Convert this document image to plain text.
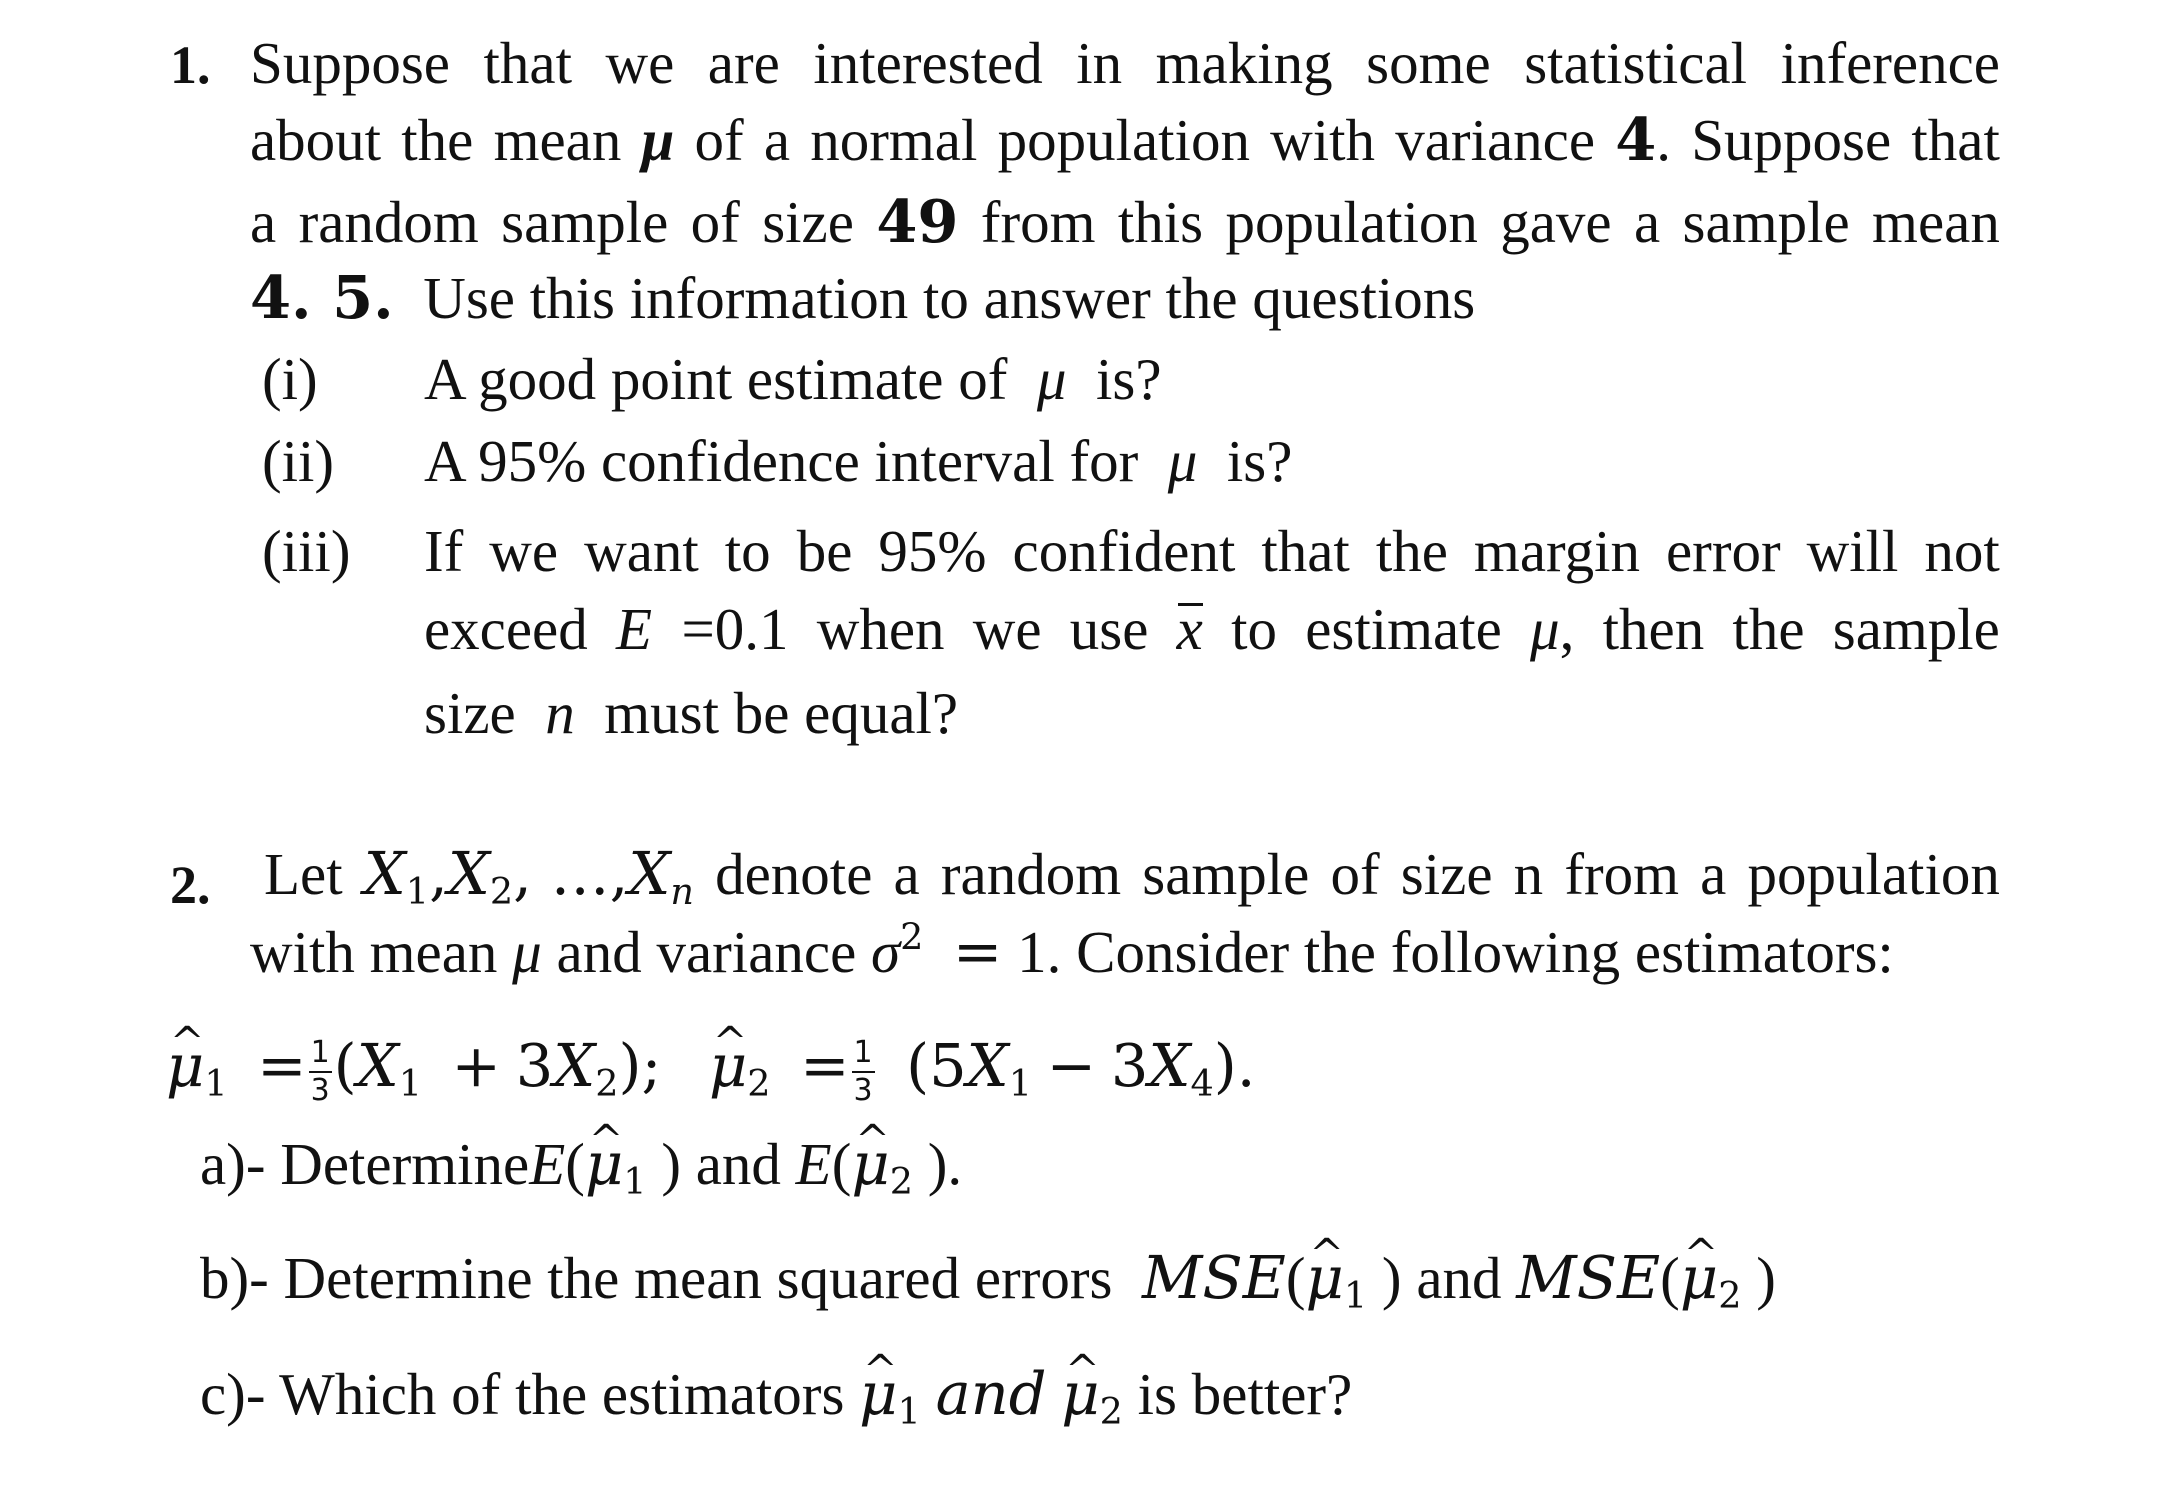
1. Suppose that we are interested in making some statistical inference
about the mean μ of a normal population with variance 4. Suppose that
a random sample of size 49 from this population gave a sample mean
4. 5.  Use this information to answer the questions
(i) A good point estimate of  μ  is?
(ii) A 95% confidence interval for  μ  is?
(iii) If we want to be 95% confident that the margin error will not
exceed E  =0.1 when we use x to estimate μ, then the sample
size  n  must be equal?
2. Let $X_1,X_2$, $\dots,X_n$ denote a random sample of size n from a population
with mean μ and variance $\sigma^2 = 1$. Consider the following estimators:
μ $\^{}_1 = \frac{1}{3} (X_1 + 3X_2)$; μ $\^{}_2 = \frac{1}{3} (5X_1 - 3X_4)$.
a)- DetermineE(μ $\^{}_1$ ) and E(μ $\^{}_2$ ).
b)- Determine the mean squared errors  MSE(μ $\^{}_1$ ) and MSE(μ $\^{}_2$ )
c)- Which of the estimators μ $\^{}_1$ and μ $\^{}_2$ is better?
